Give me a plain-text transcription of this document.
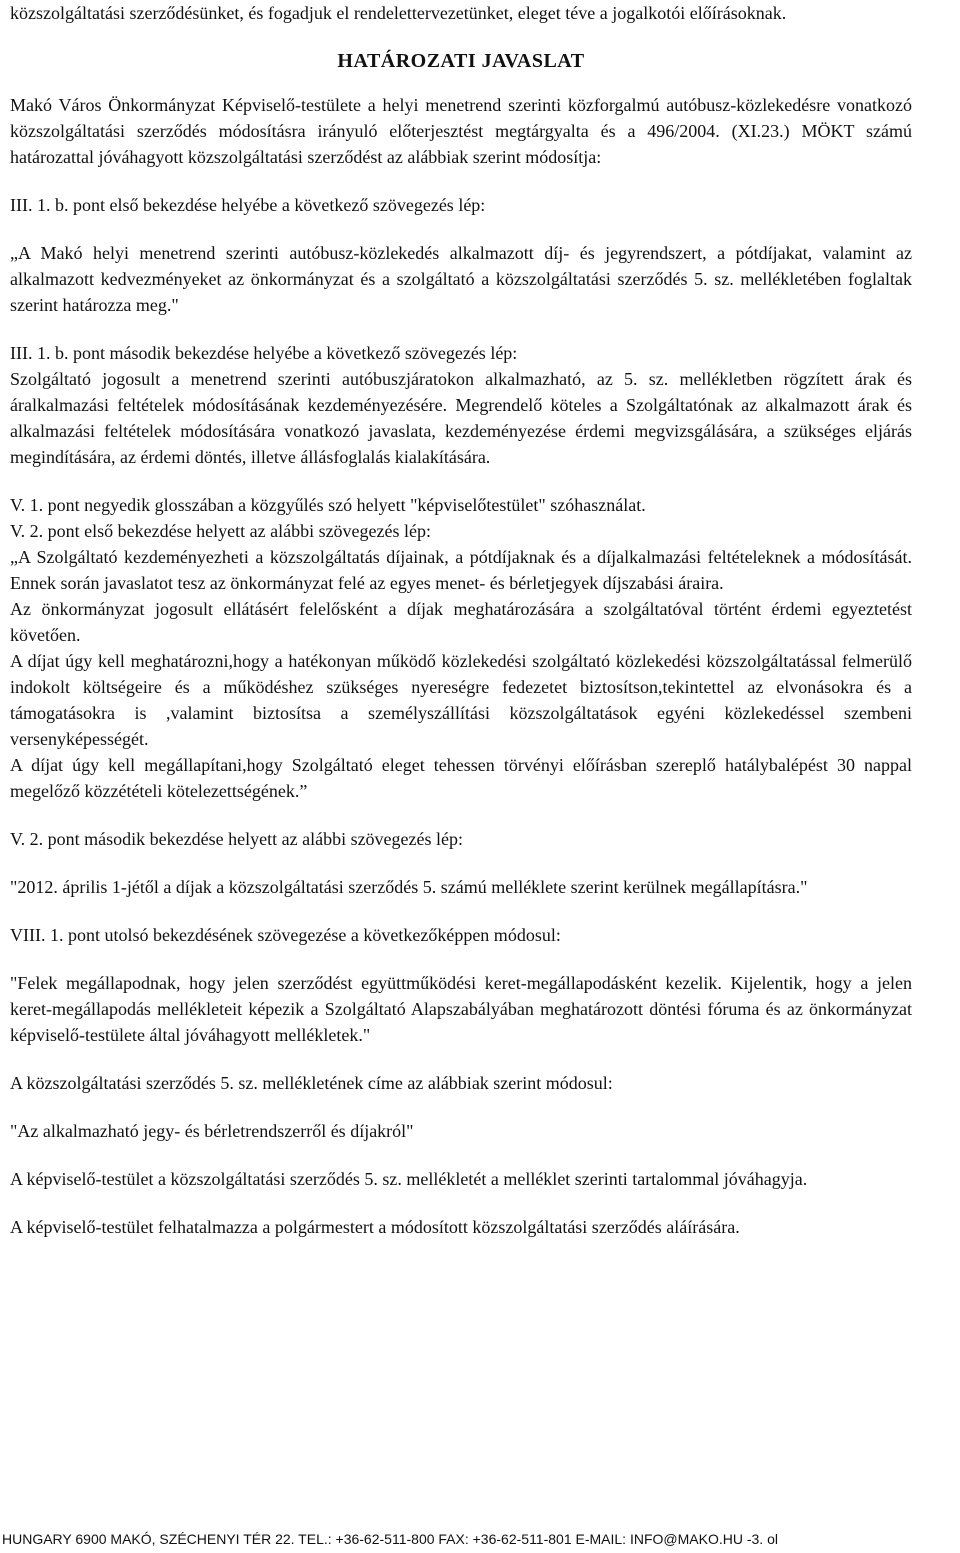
közszolgáltatási szerződésünket, és fogadjuk el rendelettervezetünket, eleget téve a jogalkotói előírásoknak.

HATÁROZATI JAVASLAT

Makó Város Önkormányzat Képviselő-testülete a helyi menetrend szerinti közforgalmú autóbusz-közlekedésre vonatkozó közszolgáltatási szerződés módosításra irányuló előterjesztést megtárgyalta és a 496/2004. (XI.23.) MÖKT számú határozattal jóváhagyott közszolgáltatási szerződést az alábbiak szerint módosítja:

III. 1. b. pont első bekezdése helyébe a következő szövegezés lép:

„A Makó helyi menetrend szerinti autóbusz-közlekedés alkalmazott díj- és jegyrendszert, a pótdíjakat, valamint az alkalmazott kedvezményeket az önkormányzat és a szolgáltató a közszolgáltatási szerződés 5. sz. mellékletében foglaltak szerint határozza meg."

III. 1. b. pont második bekezdése helyébe a következő szövegezés lép:

Szolgáltató jogosult a menetrend szerinti autóbuszjáratokon alkalmazható, az 5. sz. mellékletben rögzített árak és áralkalmazási feltételek módosításának kezdeményezésére. Megrendelő köteles a Szolgáltatónak az alkalmazott árak és alkalmazási feltételek módosítására vonatkozó javaslata, kezdeményezése érdemi megvizsgálására, a szükséges eljárás megindítására, az érdemi döntés, illetve állásfoglalás kialakítására.

V. 1. pont negyedik glosszában a közgyűlés szó helyett "képviselőtestület" szóhasználat.

V. 2. pont első bekezdése helyett az alábbi szövegezés lép:

„A Szolgáltató kezdeményezheti a közszolgáltatás díjainak, a pótdíjaknak és a díjalkalmazási feltételeknek a módosítását. Ennek során javaslatot tesz az önkormányzat felé az egyes menet- és bérletjegyek díjszabási áraira.

Az önkormányzat jogosult ellátásért felelősként a díjak meghatározására a szolgáltatóval történt érdemi egyeztetést követően.

A díjat úgy kell meghatározni,hogy a hatékonyan működő közlekedési szolgáltató közlekedési közszolgáltatással felmerülő indokolt költségeire és a működéshez szükséges nyereségre fedezetet biztosítson,tekintettel az elvonásokra és a támogatásokra is ,valamint biztosítsa a személyszállítási közszolgáltatások egyéni közlekedéssel szembeni versenyképességét.

A díjat úgy kell megállapítani,hogy Szolgáltató eleget tehessen törvényi előírásban szereplő hatálybalépést 30 nappal megelőző közzétételi kötelezettségének.”

V. 2. pont második bekezdése helyett az alábbi szövegezés lép:

"2012. április 1-jétől a díjak a közszolgáltatási szerződés 5. számú melléklete szerint kerülnek megállapításra."

VIII. 1. pont utolsó bekezdésének szövegezése a következőképpen módosul:

"Felek megállapodnak, hogy jelen szerződést együttműködési keret-megállapodásként kezelik. Kijelentik, hogy a jelen keret-megállapodás mellékleteit képezik a Szolgáltató Alapszabályában meghatározott döntési fóruma és az önkormányzat képviselő-testülete által jóváhagyott mellékletek."

A közszolgáltatási szerződés 5. sz. mellékletének címe az alábbiak szerint módosul:

"Az alkalmazható jegy- és bérletrendszerről és díjakról"

A képviselő-testület a közszolgáltatási szerződés 5. sz. mellékletét a melléklet szerinti tartalommal jóváhagyja.

A képviselő-testület felhatalmazza a polgármestert a módosított közszolgáltatási szerződés aláírására.

HUNGARY 6900 MAKÓ, SZÉCHENYI TÉR 22. TEL.: +36-62-511-800 FAX: +36-62-511-801 E-MAIL: INFO@MAKO.HU -3. ol
